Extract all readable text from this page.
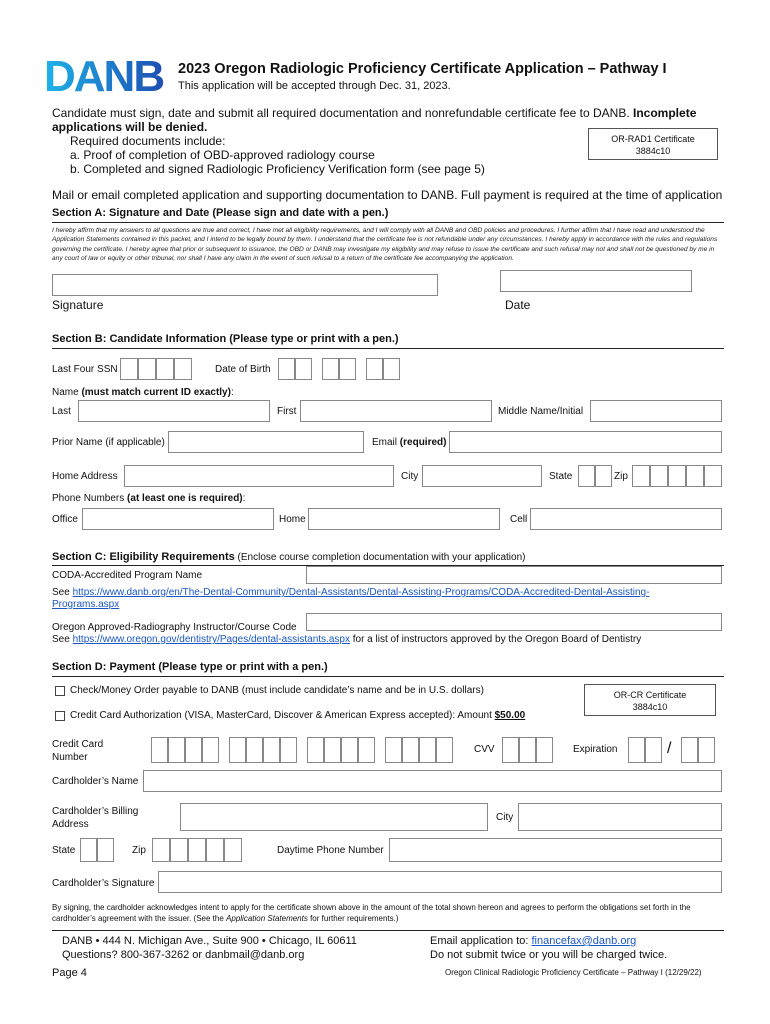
DANB 2023 Oregon Radiologic Proficiency Certificate Application – Pathway I
This application will be accepted through Dec. 31, 2023.
Candidate must sign, date and submit all required documentation and nonrefundable certificate fee to DANB. Incomplete
applications will be denied.
Required documents include:
a. Proof of completion of OBD-approved radiology course
b. Completed and signed Radiologic Proficiency Verification form (see page 5)
OR-RAD1 Certificate
3884c10
Mail or email completed application and supporting documentation to DANB. Full payment is required at the time of application
Section A: Signature and Date (Please sign and date with a pen.)
I hereby affirm that my answers to all questions are true and correct, I have met all eligibility requirements, and I will comply with all DANB and OBD policies and procedures. I further affirm that I have read and understood the Application Statements contained in this packet, and I intend to be legally bound by them. I understand that the certificate fee is not refundable under any circumstances. I hereby apply in accordance with the rules and regulations governing the certificate. I hereby agree that prior or subsequent to issuance, the OBD or DANB may investigate my eligibility and may refuse to issue the certificate and such refusal may not and shall not be questioned by me in any court of law or equity or other tribunal, nor shall I have any claim in the event of such refusal to a return of the certificate fee accompanying the application.
Signature	Date
Section B: Candidate Information (Please type or print with a pen.)
Last Four SSN	Date of Birth
Name (must match current ID exactly):
Last	First	Middle Name/Initial
Prior Name (if applicable)	Email (required)
Home Address	City	State	Zip
Phone Numbers (at least one is required):
Office	Home	Cell
Section C: Eligibility Requirements (Enclose course completion documentation with your application)
CODA-Accredited Program Name
See https://www.danb.org/en/The-Dental-Community/Dental-Assistants/Dental-Assisting-Programs/CODA-Accredited-Dental-Assisting-
Programs.aspx
Oregon Approved-Radiography Instructor/Course Code
See https://www.oregon.gov/dentistry/Pages/dental-assistants.aspx for a list of instructors approved by the Oregon Board of Dentistry
Section D: Payment (Please type or print with a pen.)
Check/Money Order payable to DANB (must include candidate’s name and be in U.S. dollars)
Credit Card Authorization (VISA, MasterCard, Discover & American Express accepted): Amount $50.00
OR-CR Certificate
3884c10
Credit Card
Number
CVV	Expiration	/
Cardholder’s Name
Cardholder’s Billing
Address
City
State	Zip	Daytime Phone Number
Cardholder’s Signature
By signing, the cardholder acknowledges intent to apply for the certificate shown above in the amount of the total shown hereon and agrees to perform the obligations set forth in the cardholder’s agreement with the issuer. (See the Application Statements for further requirements.)
DANB • 444 N. Michigan Ave., Suite 900 • Chicago, IL 60611
Questions? 800-367-3262 or danbmail@danb.org
Email application to: financefax@danb.org
Do not submit twice or you will be charged twice.
Page 4	Oregon Clinical Radiologic Proficiency Certificate – Pathway I (12/29/22)
